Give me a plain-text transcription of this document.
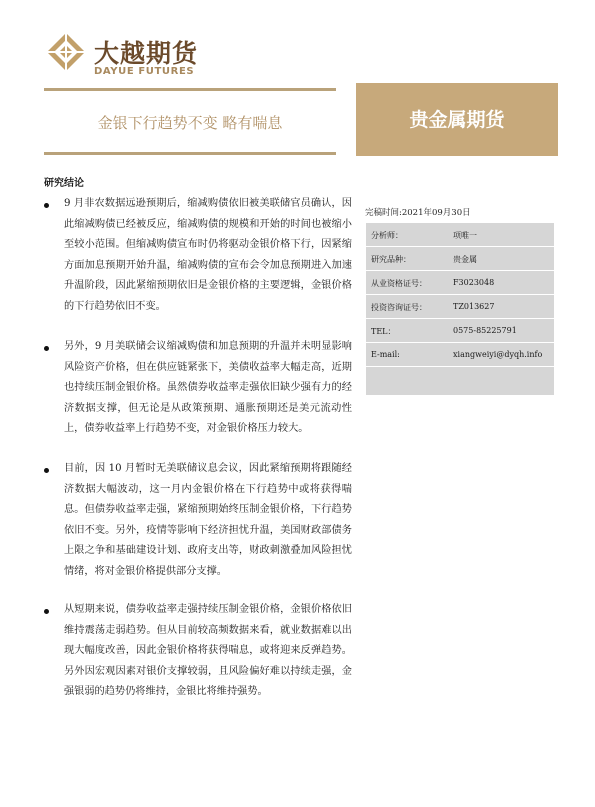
大越期货
DAYUE FUTURES
金银下行趋势不变 略有喘息	贵金属期货
研究结论
9 月非农数据远逊预期后，缩减购债依旧被美联储官员确认，因此缩减购债已经被反应，缩减购债的规模和开始的时间也被缩小至较小范围。但缩减购债宣布时仍将驱动金银价格下行，因紧缩方面加息预期开始升温，缩减购债的宣布会令加息预期进入加速升温阶段，因此紧缩预期依旧是金银价格的主要逻辑，金银价格的下行趋势依旧不变。
另外，9 月美联储会议缩减购债和加息预期的升温并未明显影响风险资产价格，但在供应链紧张下，美债收益率大幅走高，近期也持续压制金银价格。虽然债券收益率走强依旧缺少强有力的经济数据支撑，但无论是从政策预期、通胀预期还是美元流动性上，债券收益率上行趋势不变，对金银价格压力较大。
目前，因 10 月暂时无美联储议息会议，因此紧缩预期将跟随经济数据大幅波动，这一月内金银价格在下行趋势中或将获得喘息。但债券收益率走强，紧缩预期始终压制金银价格，下行趋势依旧不变。另外，疫情等影响下经济担忧升温，美国财政部债务上限之争和基础建设计划、政府支出等，财政刺激叠加风险担忧情绪，将对金银价格提供部分支撑。
从短期来说，债券收益率走强持续压制金银价格，金银价格依旧维持震荡走弱趋势。但从目前较高频数据来看，就业数据难以出现大幅度改善，因此金银价格将获得喘息，或将迎来反弹趋势。另外因宏观因素对银价支撑较弱，且风险偏好难以持续走强，金强银弱的趋势仍将维持，金银比将维持强势。
完稿时间:2021年09月30日
分析师：	项唯一
研究品种：	贵金属
从业资格证号：	F3023048
投资咨询证号：	TZ013627
TEL：	0575-85225791
E-mail:	xiangweiyi@dyqh.info
